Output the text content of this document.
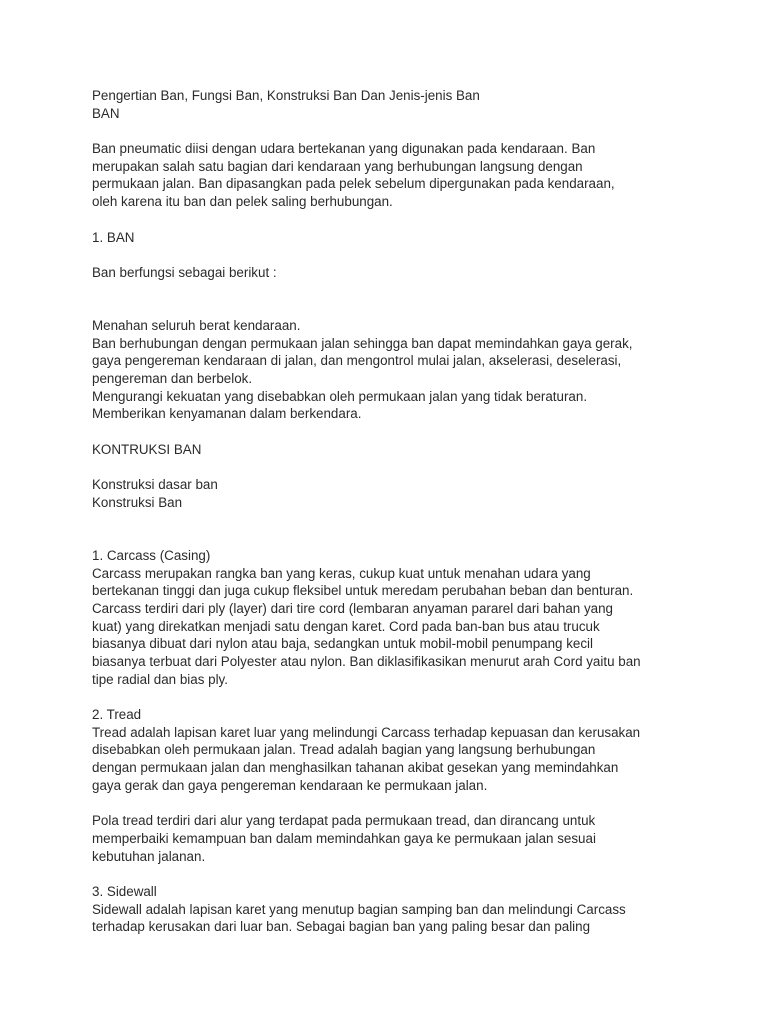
Pengertian Ban, Fungsi Ban, Konstruksi Ban Dan Jenis-jenis Ban
BAN
Ban pneumatic diisi dengan udara bertekanan yang digunakan pada kendaraan. Ban
merupakan salah satu bagian dari kendaraan yang berhubungan langsung dengan
permukaan jalan. Ban dipasangkan pada pelek sebelum dipergunakan pada kendaraan,
oleh karena itu ban dan pelek saling berhubungan.
1. BAN
Ban berfungsi sebagai berikut :
Menahan seluruh berat kendaraan.
Ban berhubungan dengan permukaan jalan sehingga ban dapat memindahkan gaya gerak,
gaya pengereman kendaraan di jalan, dan mengontrol mulai jalan, akselerasi, deselerasi,
pengereman dan berbelok.
Mengurangi kekuatan yang disebabkan oleh permukaan jalan yang tidak beraturan.
Memberikan kenyamanan dalam berkendara.
KONTRUKSI BAN
Konstruksi dasar ban
Konstruksi Ban
1. Carcass (Casing)
Carcass merupakan rangka ban yang keras, cukup kuat untuk menahan udara yang
bertekanan tinggi dan juga cukup fleksibel untuk meredam perubahan beban dan benturan.
Carcass terdiri dari ply (layer) dari tire cord (lembaran anyaman pararel dari bahan yang
kuat) yang direkatkan menjadi satu dengan karet. Cord pada ban-ban bus atau trucuk
biasanya dibuat dari nylon atau baja, sedangkan untuk mobil-mobil penumpang kecil
biasanya terbuat dari Polyester atau nylon. Ban diklasifikasikan menurut arah Cord yaitu ban
tipe radial dan bias ply.
2. Tread
Tread adalah lapisan karet luar yang melindungi Carcass terhadap kepuasan dan kerusakan
disebabkan oleh permukaan jalan. Tread adalah bagian yang langsung berhubungan
dengan permukaan jalan dan menghasilkan tahanan akibat gesekan yang memindahkan
gaya gerak dan gaya pengereman kendaraan ke permukaan jalan.
Pola tread terdiri dari alur yang terdapat pada permukaan tread, dan dirancang untuk
memperbaiki kemampuan ban dalam memindahkan gaya ke permukaan jalan sesuai
kebutuhan jalanan.
3. Sidewall
Sidewall adalah lapisan karet yang menutup bagian samping ban dan melindungi Carcass
terhadap kerusakan dari luar ban. Sebagai bagian ban yang paling besar dan paling
